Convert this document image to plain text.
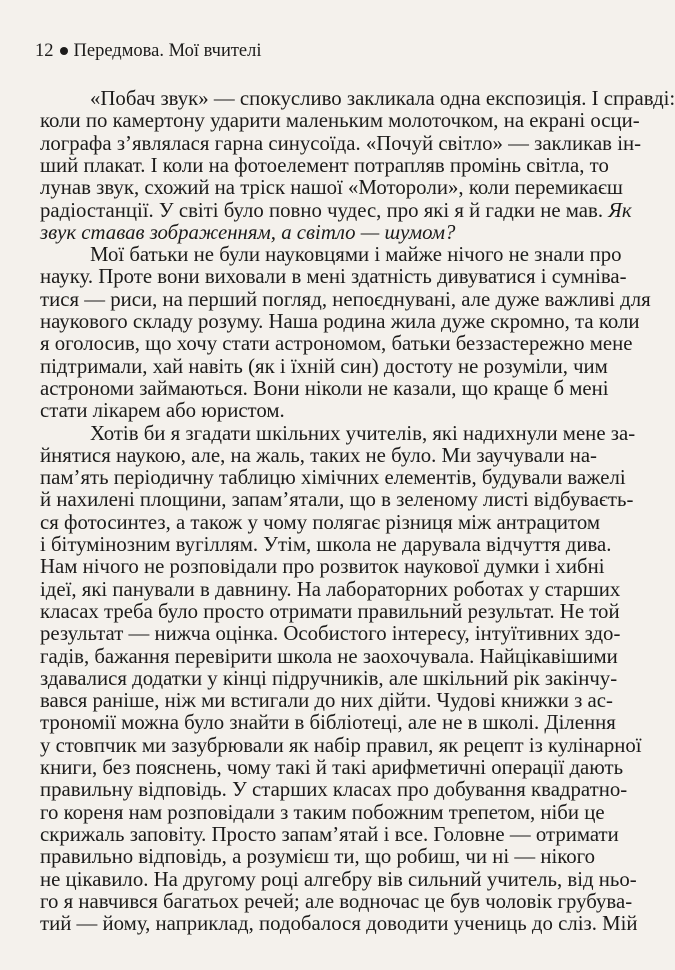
12 Передмова. Мої вчителі
«Побач звук» — спокусливо закликала одна експозиція. І справді:
коли по камертону ударити маленьким молоточком, на екрані осци-
лографа з’являлася гарна синусоїда. «Почуй світло» — закликав ін-
ший плакат. І коли на фотоелемент потрапляв промінь світла, то
лунав звук, схожий на тріск нашої «Моторoли», коли перемикаєш
радіостанції. У світі було повно чудес, про які я й гадки не мав. Як
звук ставав зображенням, а світло — шумом?
Мої батьки не були науковцями і майже нічого не знали про
науку. Проте вони виховали в мені здатність дивуватися і сумніва-
тися — риси, на перший погляд, непоєднувані, але дуже важливі для
наукового складу розуму. Наша родина жила дуже скромно, та коли
я оголосив, що хочу стати астрономом, батьки беззастережно мене
підтримали, хай навіть (як і їхній син) достоту не розуміли, чим
астрономи займаються. Вони ніколи не казали, що краще б мені
стати лікарем або юристом.
Хотів би я згадати шкільних учителів, які надихнули мене за-
йнятися наукою, але, на жаль, таких не було. Ми заучували на-
пам’ять періодичну таблицю хімічних елементів, будували важелі
й нахилені площини, запам’ятали, що в зеленому листі відбуваєть-
ся фотосинтез, а також у чому полягає різниця між антрацитом
і бітумінозним вугіллям. Утім, школа не дарувала відчуття дива.
Нам нічого не розповідали про розвиток наукової думки і хибні
ідеї, які панували в давнину. На лабораторних роботах у старших
класах треба було просто отримати правильний результат. Не той
результат — нижча оцінка. Особистого інтересу, інтуїтивних здо-
гадів, бажання перевірити школа не заохочувала. Найцікавішими
здавалися додатки у кінці підручників, але шкільний рік закінчу-
вався раніше, ніж ми встигали до них дійти. Чудові книжки з ас-
трономії можна було знайти в бібліотеці, але не в школі. Ділення
у стовпчик ми зазубрювали як набір правил, як рецепт із кулінарної
книги, без пояснень, чому такі й такі арифметичні операції дають
правильну відповідь. У старших класах про добування квадратно-
го кореня нам розповідали з таким побожним трепетом, ніби це
скрижаль заповіту. Просто запам’ятай і все. Головне — отримати
правильно відповідь, а розумієш ти, що робиш, чи ні — нікого
не цікавило. На другому році алгебру вів сильний учитель, від ньо-
го я навчився багатьох речей; але водночас це був чоловік грубува-
тий — йому, наприклад, подобалося доводити учениць до сліз. Мій
